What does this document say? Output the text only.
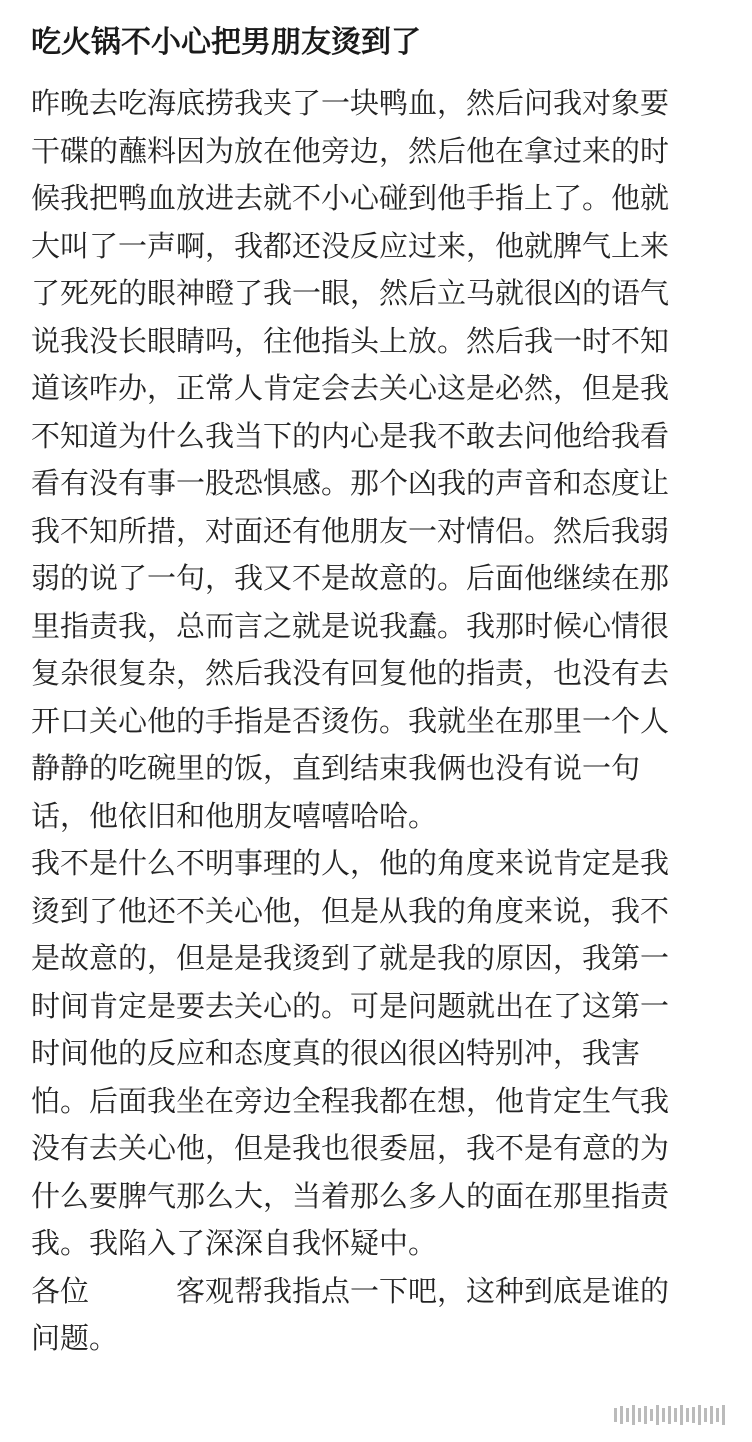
吃火锅不小心把男朋友烫到了
昨晚去吃海底捞我夹了一块鸭血，然后问我对象要
干碟的蘸料因为放在他旁边，然后他在拿过来的时
候我把鸭血放进去就不小心碰到他手指上了。他就
大叫了一声啊，我都还没反应过来，他就脾气上来
了死死的眼神瞪了我一眼，然后立马就很凶的语气
说我没长眼睛吗，往他指头上放。然后我一时不知
道该咋办，正常人肯定会去关心这是必然，但是我
不知道为什么我当下的内心是我不敢去问他给我看
看有没有事一股恐惧感。那个凶我的声音和态度让
我不知所措，对面还有他朋友一对情侣。然后我弱
弱的说了一句，我又不是故意的。后面他继续在那
里指责我，总而言之就是说我蠢。我那时候心情很
复杂很复杂，然后我没有回复他的指责，也没有去
开口关心他的手指是否烫伤。我就坐在那里一个人
静静的吃碗里的饭，直到结束我俩也没有说一句
话，他依旧和他朋友嘻嘻哈哈。
我不是什么不明事理的人，他的角度来说肯定是我
烫到了他还不关心他，但是从我的角度来说，我不
是故意的，但是是我烫到了就是我的原因，我第一
时间肯定是要去关心的。可是问题就出在了这第一
时间他的反应和态度真的很凶很凶特别冲，我害
怕。后面我坐在旁边全程我都在想，他肯定生气我
没有去关心他，但是我也很委屈，我不是有意的为
什么要脾气那么大，当着那么多人的面在那里指责
我。我陷入了深深自我怀疑中。
各位　　　客观帮我指点一下吧，这种到底是谁的
问题。
